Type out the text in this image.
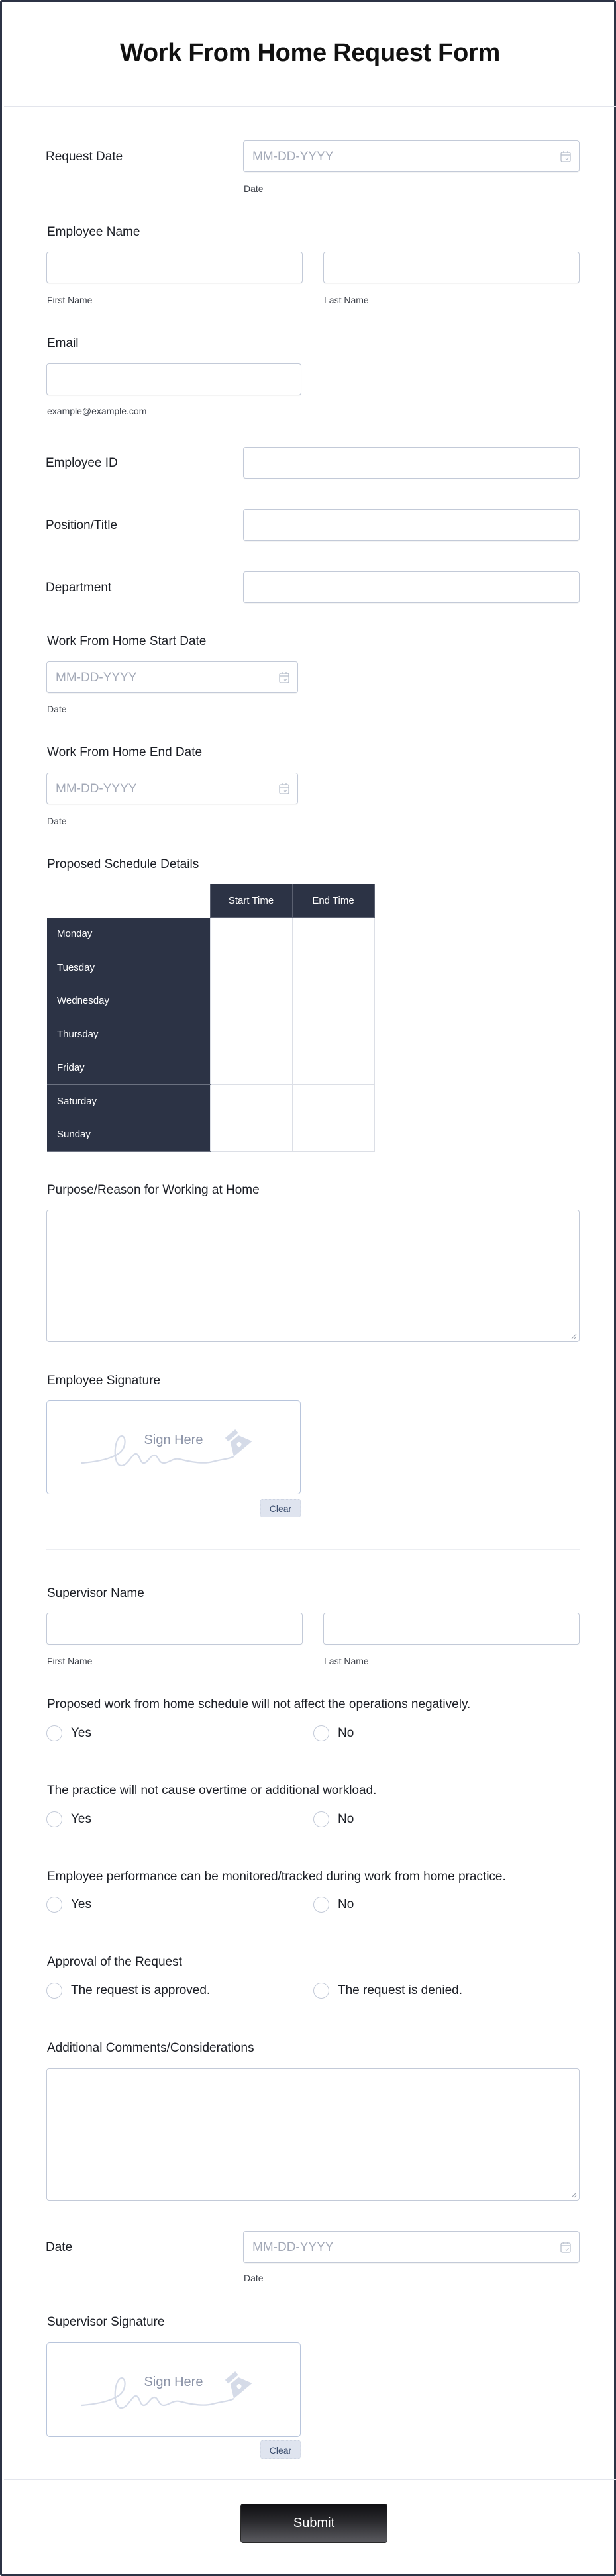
Work From Home Request Form
Request Date	MM-DD-YYYY
Date
Employee Name
First Name	Last Name
Email
example@example.com
Employee ID
Position/Title
Department
Work From Home Start Date
MM-DD-YYYY
Date
Work From Home End Date
MM-DD-YYYY
Date
Proposed Schedule Details
	Start Time	End Time
Monday		
Tuesday		
Wednesday		
Thursday		
Friday		
Saturday		
Sunday		
Purpose/Reason for Working at Home
Employee Signature
Sign Here
Clear
Supervisor Name
First Name	Last Name
Proposed work from home schedule will not affect the operations negatively.
Yes	No
The practice will not cause overtime or additional workload.
Yes	No
Employee performance can be monitored/tracked during work from home practice.
Yes	No
Approval of the Request
The request is approved.	The request is denied.
Additional Comments/Considerations
Date	MM-DD-YYYY
Date
Supervisor Signature
Sign Here
Clear
Submit
